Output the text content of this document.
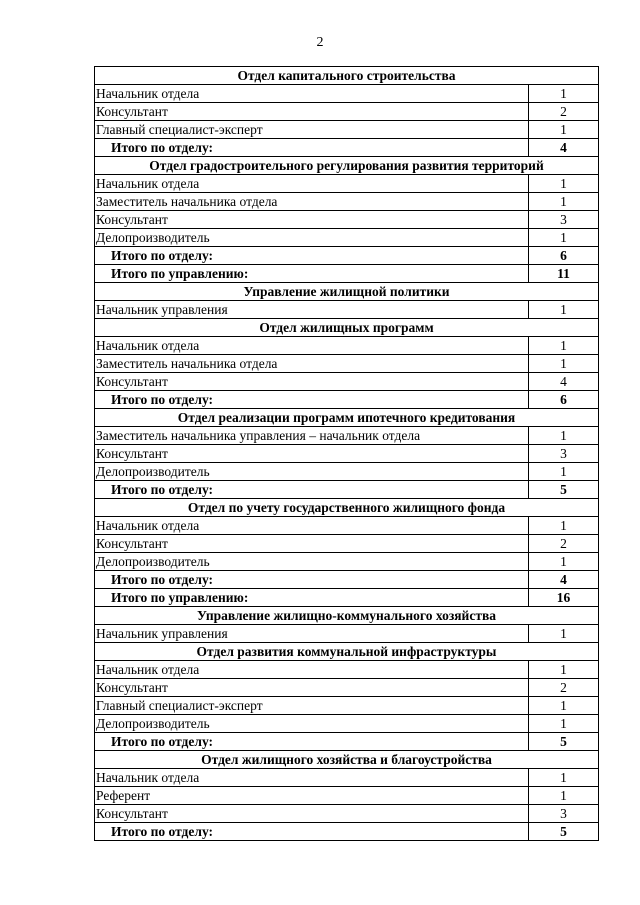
2
Отдел капитального строительства	
Начальник отдела	1
Консультант	2
Главный специалист-эксперт	1
Итого по отделу:	4
Отдел градостроительного регулирования развития территорий	
Начальник отдела	1
Заместитель начальника отдела	1
Консультант	3
Делопроизводитель	1
Итого по отделу:	6
Итого по управлению:	11
Управление жилищной политики	
Начальник управления	1
Отдел жилищных программ	
Начальник отдела	1
Заместитель начальника отдела	1
Консультант	4
Итого по отделу:	6
Отдел реализации программ ипотечного кредитования	
Заместитель начальника управления – начальник отдела	1
Консультант	3
Делопроизводитель	1
Итого по отделу:	5
Отдел по учету государственного жилищного фонда	
Начальник отдела	1
Консультант	2
Делопроизводитель	1
Итого по отделу:	4
Итого по управлению:	16
Управление жилищно-коммунального хозяйства	
Начальник управления	1
Отдел развития коммунальной инфраструктуры	
Начальник отдела	1
Консультант	2
Главный специалист-эксперт	1
Делопроизводитель	1
Итого по отделу:	5
Отдел жилищного хозяйства и благоустройства	
Начальник отдела	1
Референт	1
Консультант	3
Итого по отделу:	5
